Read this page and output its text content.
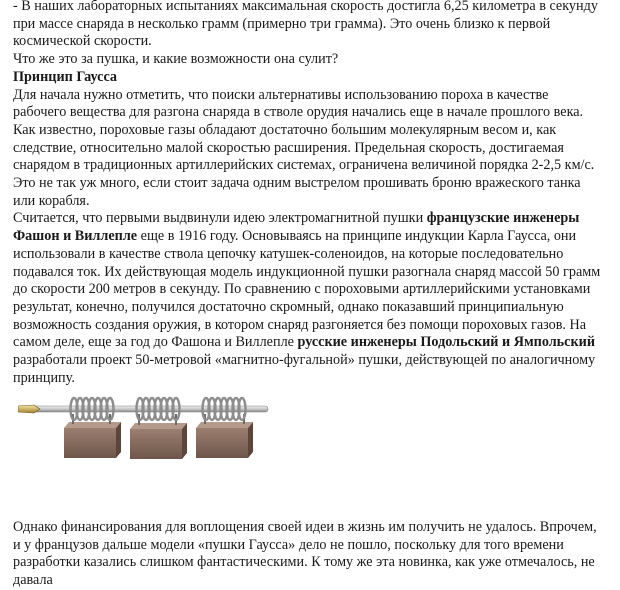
- В наших лабораторных испытаниях максимальная скорость достигла 6,25 километра в секунду при массе снаряда в несколько грамм (примерно три грамма). Это очень близко к первой космической скорости.

Что же это за пушка, и какие возможности она сулит?

Принцип Гаусса

Для начала нужно отметить, что поиски альтернативы использованию пороха в качестве рабочего вещества для разгона снаряда в стволе орудия начались еще в начале прошлого века. Как известно, пороховые газы обладают достаточно большим молекулярным весом и, как следствие, относительно малой скоростью расширения. Предельная скорость, достигаемая снарядом в традиционных артиллерийских системах, ограничена величиной порядка 2-2,5 км/с. Это не так уж много, если стоит задача одним выстрелом прошивать броню вражеского танка или корабля.

Считается, что первыми выдвинули идею электромагнитной пушки французские инженеры Фашон и Виллеплe еще в 1916 году. Основываясь на принципе индукции Карла Гаусса, они использовали в качестве ствола цепочку катушек-соленоидов, на которые последовательно подавался ток. Их действующая модель индукционной пушки разогнала снаряд массой 50 грамм до скорости 200 метров в секунду. По сравнению с пороховыми артиллерийскими установками результат, конечно, получился достаточно скромный, однако показавший принципиальную возможность создания оружия, в котором снаряд разгоняется без помощи пороховых газов. На самом деле, еще за год до Фашона и Виллеплe русские инженеры Подольский и Ямпольский разработали проект 50-метровой «магнитно-фугальной» пушки, действующей по аналогичному принципу.

Однако финансирования для воплощения своей идеи в жизнь им получить не удалось. Впрочем, и у французов дальше модели «пушки Гаусса» дело не пошло, поскольку для того времени разработки казались слишком фантастическими. К тому же эта новинка, как уже отмечалось, не давала
